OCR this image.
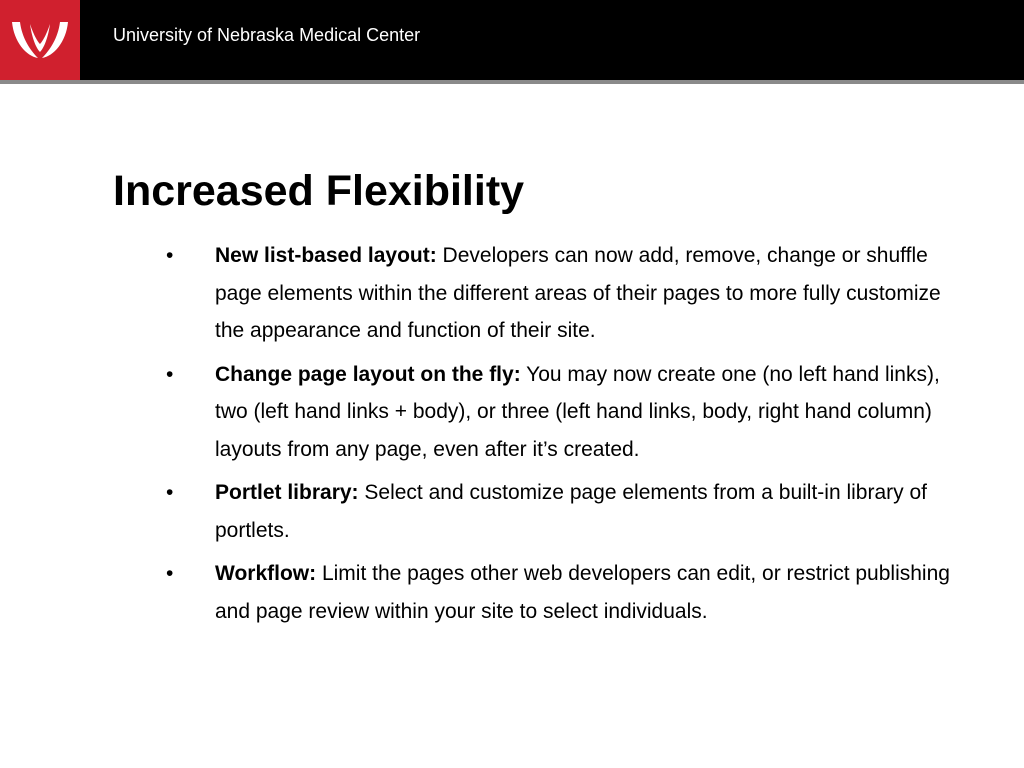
University of Nebraska Medical Center
Increased Flexibility
• New list-based layout: Developers can now add, remove, change or shuffle page elements within the different areas of their pages to more fully customize the appearance and function of their site.
• Change page layout on the fly: You may now create one (no left hand links), two (left hand links + body), or three (left hand links, body, right hand column) layouts from any page, even after it’s created.
• Portlet library: Select and customize page elements from a built-in library of portlets.
• Workflow: Limit the pages other web developers can edit, or restrict publishing and page review within your site to select individuals.
